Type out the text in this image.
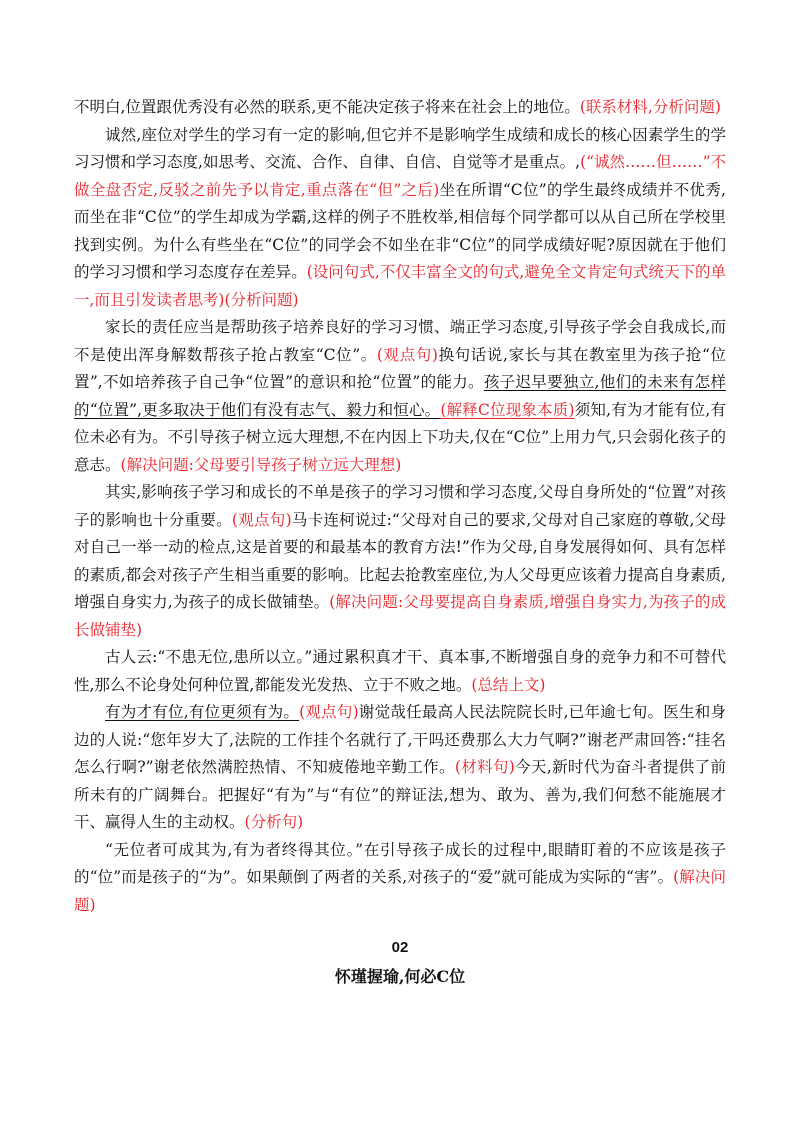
不明白,位置跟优秀没有必然的联系,更不能决定孩子将来在社会上的地位。(联系材料,分析问题)

诚然,座位对学生的学习有一定的影响,但它并不是影响学生成绩和成长的核心因素学生的学习习惯和学习态度,如思考、交流、合作、自律、自信、自觉等才是重点。,(“诚然……但……”不做全盘否定,反驳之前先予以肯定,重点落在“但”之后)坐在所谓“C位”的学生最终成绩并不优秀,而坐在非“C位”的学生却成为学霸,这样的例子不胜枚举,相信每个同学都可以从自己所在学校里找到实例。为什么有些坐在“C位”的同学会不如坐在非“C位”的同学成绩好呢?原因就在于他们的学习习惯和学习态度存在差异。(设问句式,不仅丰富全文的句式,避免全文肯定句式统天下的单一,而且引发读者思考)(分析问题)

家长的责任应当是帮助孩子培养良好的学习习惯、端正学习态度,引导孩子学会自我成长,而不是使出浑身解数帮孩子抢占教室“C位”。(观点句)换句话说,家长与其在教室里为孩子抢“位置”,不如培养孩子自己争“位置”的意识和抢“位置”的能力。孩子迟早要独立,他们的未来有怎样的“位置”,更多取决于他们有没有志气、毅力和恒心。(解释C位现象本质)须知,有为才能有位,有位未必有为。不引导孩子树立远大理想,不在内因上下功夫,仅在“C位”上用力气,只会弱化孩子的意志。(解决问题:父母要引导孩子树立远大理想)

其实,影响孩子学习和成长的不单是孩子的学习习惯和学习态度,父母自身所处的“位置”对孩子的影响也十分重要。(观点句)马卡连柯说过:“父母对自己的要求,父母对自己家庭的尊敬,父母对自己一举一动的检点,这是首要的和最基本的教育方法!”作为父母,自身发展得如何、具有怎样的素质,都会对孩子产生相当重要的影响。比起去抢教室座位,为人父母更应该着力提高自身素质,增强自身实力,为孩子的成长做铺垫。(解决问题:父母要提高自身素质,增强自身实力,为孩子的成长做铺垫)

古人云:“不患无位,患所以立。”通过累积真才干、真本事,不断增强自身的竞争力和不可替代性,那么不论身处何种位置,都能发光发热、立于不败之地。(总结上文)

有为才有位,有位更须有为。(观点句)谢觉哉任最高人民法院院长时,已年逾七旬。医生和身边的人说:“您年岁大了,法院的工作挂个名就行了,干吗还费那么大力气啊?”谢老严肃回答:“挂名怎么行啊?”谢老依然满腔热情、不知疲倦地辛勤工作。(材料句)今天,新时代为奋斗者提供了前所未有的广阔舞台。把握好“有为”与“有位”的辩证法,想为、敢为、善为,我们何愁不能施展才干、赢得人生的主动权。(分析句)

“无位者可成其为,有为者终得其位。”在引导孩子成长的过程中,眼睛盯着的不应该是孩子的“位”而是孩子的“为”。如果颠倒了两者的关系,对孩子的“爱”就可能成为实际的“害”。(解决问题)

02
怀瑾握瑜,何必C位
